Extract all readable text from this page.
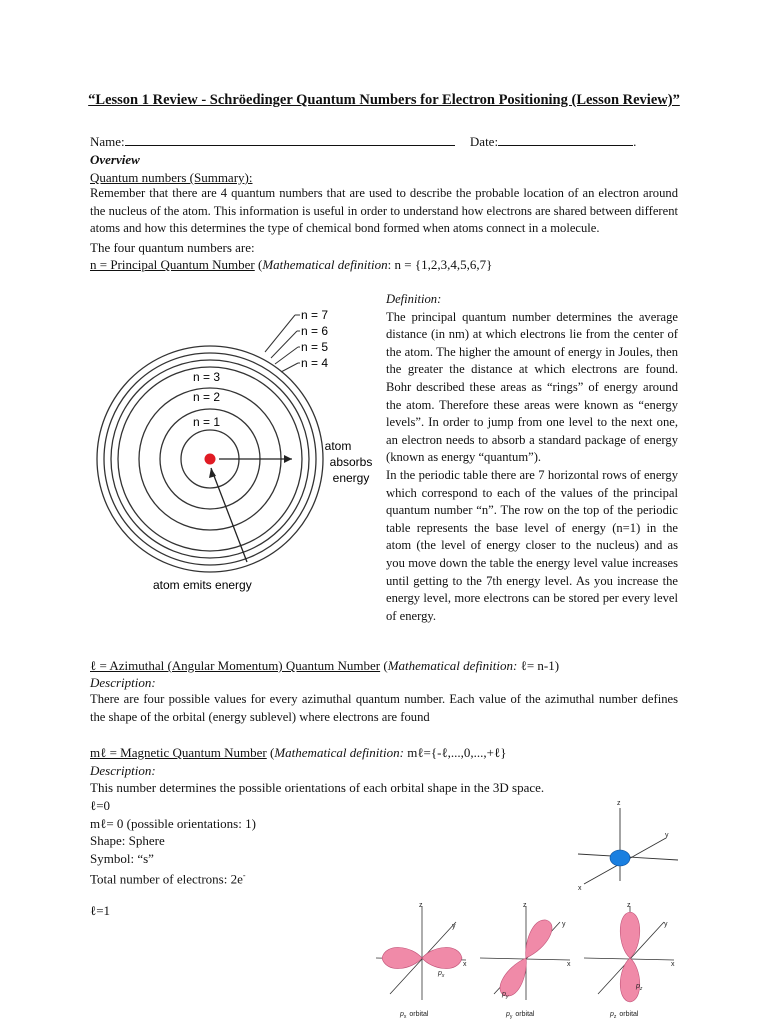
“Lesson 1 Review - Schröedinger Quantum Numbers for Electron Positioning (Lesson Review)”
Name:	Date:	.
Overview
Quantum numbers (Summary):
Remember that there are 4 quantum numbers that are used to describe the probable location of an electron around the nucleus of the atom. This information is useful in order to understand how electrons are shared between different atoms and how this determines the type of chemical bond formed when atoms connect in a molecule.
The four quantum numbers are:
n = Principal Quantum Number (Mathematical definition: n = {1,2,3,4,5,6,7}
n = 7
n = 6
n = 5
n = 4
n = 3
n = 2
n = 1
atom
absorbs
energy
atom emits energy
Definition:
The principal quantum number determines the average distance (in nm) at which electrons lie from the center of the atom. The higher the amount of energy in Joules, then the greater the distance at which electrons are found. Bohr described these areas as “rings” of energy around the atom. Therefore these areas were known as “energy levels”. In order to jump from one level to the next one, an electron needs to absorb a standard package of energy (known as energy “quantum”).
In the periodic table there are 7 horizontal rows of energy which correspond to each of the values of the principal quantum number “n”. The row on the top of the periodic table represents the base level of energy (n=1) in the atom (the level of energy closer to the nucleus) and as you move down the table the energy level value increases until getting to the 7th energy level. As you increase the energy level, more electrons can be stored per every level of energy.
ℓ = Azimuthal (Angular Momentum) Quantum Number (Mathematical definition: ℓ= n-1)
Description:
There are four possible values for every azimuthal quantum number. Each value of the azimuthal number defines the shape of the orbital (energy sublevel) where electrons are found
mℓ = Magnetic Quantum Number (Mathematical definition: mℓ={-ℓ,...,0,...,+ℓ}
Description:
This number determines the possible orientations of each orbital shape in the 3D space.
ℓ=0
mℓ= 0 (possible orientations: 1)
Shape: Sphere
Symbol: “s”
Total number of electrons: 2e-
ℓ=1
z
y
x
z
y
x
$p_x$
$p_x$ orbital
z
y
x
$p_y$
$p_y$ orbital
z
y
x
$p_z$
$p_z$ orbital
